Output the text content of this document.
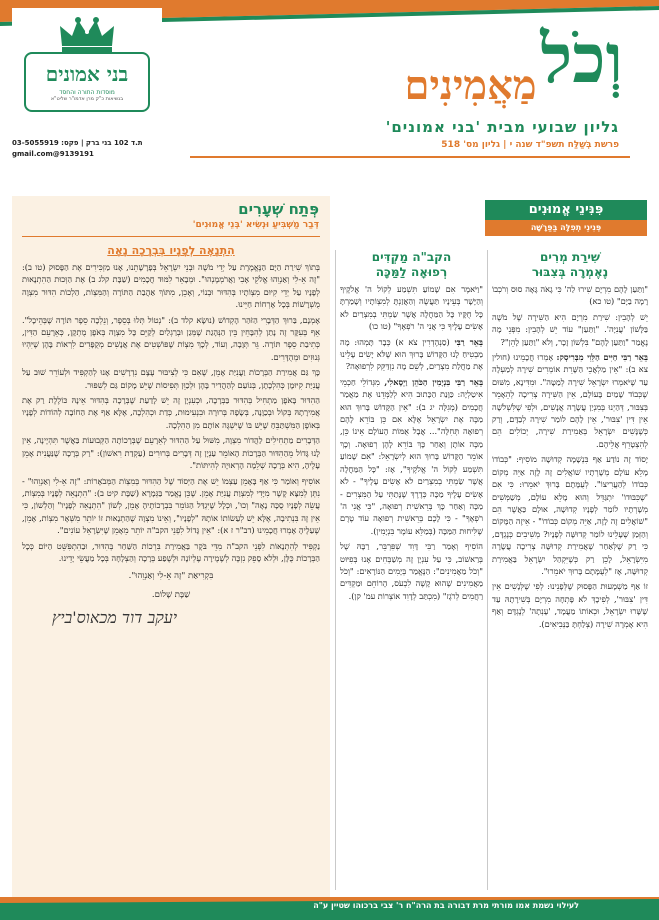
בני אמונים
מוסדות התורה והחסד
בנשיאות כ"ק מרן אדמו"ר שליט"א
ת.ד 102 בני ברק | פקס: 03-5055919
9139191@gmail.com
וְכֹלמַאֲמִינִים
גליון שבועי מבית 'בני אמונים'
פרשת בְּשַׁלַּח תשפ"ד שנה י | גליון מס' 518
פְּתַח שְׁעָרִים
דְּבַר מַשְׁבִּיעַ וּנְשִׂיא 'בְּנֵי אֱמוּנִים'
הִתְנָאֶה לְפָנָיו בְּבְרָכָה נָאָה

בְּתוֹךְ שִׁירַת הַיָּם הַנֶּאֱמֶרֶת עַל יְדֵי מֹשֶׁה וּבְנֵי יִשְׂרָאֵל בְּפָרָשָׁתֵנוּ, אָנוּ מַזְכִּירִים אֶת הַפָּסוּק (טו ב): "זֶה אֵ-לִי וְאַנְוֵהוּ אֱלֹקֵי אָבִי וַאֲרֹמְמֶנְהוּ". וּמְבָאֵר לִמּוּד חֲכָמִים (שַׁבָּת קלג ב) אֶת הַוְּכוּת הַהִתְנָאוּת לְפָנָיו עַל יְדֵי קִיּוּם מִצְוֹתָיו בְּהִדּוּר וּבְנוֹי, וְאָכֵן, מִתּוֹךְ אַהֲבַת הַתּוֹרָה וְהַמִּצְוֹת, הַלְכוֹת הִדּוּר מִצְוָה מֻשְׁרָשׁוֹת בְּכָל אָרְחוֹת חַיֵּינוּ.

אָמְנָם, בַּרוּךְ הַדְּבָרִי הַזֹּהַר הָקְדוֹשׁ (נוּשָׂא קלד ב): "נְטוֹל תְּלוּ בְּסֵפֶר, וְנֵלְכָה סֵפֶר תּוֹרָה שֶׁבְּהֵיכָל". אֵף בְּעִקָּר זֶה נָתַן לְהִבָּחֵין בֵּין הַנְּהָגַת שֶׁמְּגַן וּבְרַגְלַיִם לְקַיֵּם כָּל מִצְוָה בְּאֹפֶן מֻתְקָן, כְּאֵרָעֵם הַדִּין, כְּתִיבַת סֵפֶר תּוֹרָה. גֵּר תְּוָבָה, וְעוֹד, לְכָךְ מִצְוֹת שֶׁפּוֹשְׁטִים אֶת אֲנָשִׁים מְקֻפָּדִים לִרְאוֹת בָּהֶן שֶׁיִּהְיוּ גְּנוּזִים וּמְהֻדָּרִים.

כָּךְ גַּם אֲמִירַת הַבְּרָכוֹת וַעֲנִיַּת אָמֵן, שֶׁאִם כִּי לְצִיבּוּר עֶצֶם נִדְרָשִׁים אָנוּ לְהַקְפִּיד וּלְעוֹרֵר שׁוּב עַל עֲנִיַּת קִיּוּמָן כְּהִלְכָתָן, בְּנוֹעַם לְהַהֲדִיר בָּהֶן וּלְכַוֵּן תְּפִיסוֹת שֶׁיֵּשׁ מָקוֹם גַּם לְשִׁפּוּר.

הַהִדּוּר בָּאֹפֶן מַתְחִיל בְּהִדּוּר בַּבְּרָכָה, וּכְעִנְיָן זֶה יֵשׁ לָדַעַת שֶׁבְּרָכָה בְּהִדּוּר אֵינָהּ כּוֹלֶלֶת רַק אֶת אֲמִירָתָהּ בְּקוֹל וּבְכַוָּנָה, בְּשָׂפָה בְּרוּרָה וּבִנְעִימוּת, כְּדַת וּכְהִלְכָה, אֶלָּא אַף אֶת הַחוֹבָה לְהוֹדוֹת לְפָנָיו בְּאוֹפֶן הַמִּשְׁתַּבֵּחַ שֶׁיֵּשׁ בּוֹ שֶׁיִּשְׁגֶּה אוֹתָם מִן הַהִלְכָה.

הַדְּבָרִים מַתְחִילִים לַהֲדוֹר מִצְוָה, מִשּׁוּל עַל הַהִדּוּר לְאֵרָעֵם שֶׁבְּרָכוֹתָה הַקְּבוּעוֹת בַּאֲשֶׁר תִּהְיֶינָה, אֵין לָנוּ גָּדוֹל מֵהַהִדּוּר הַבְּרָכוֹת הָאוֹמֵר עַנְיָן זֶה דְּבָרִים בְּרוּרִים (עַקְדַת רִאשׁוֹן): "רַק בְּרָכָה שֶׁנַּעֲנִית אָמֵן עָלֶיהָ, הִיא בְּרָכָה שְׁלֵמָה הָרְאוּיָה לְהִיתּוֹת".

אוֹסִיף וְאוֹמַר כִּי אַף בָּאָמֵן עַצְמוֹ יֵשׁ אֶת הַיְּסוֹד שֶׁל הַהִדּוּר בְּמִצְוֹת הַמְּבֹאָרוֹת: "זֶה אֵ-לִי וְאַנְוֵהוּ" - נִתְּן לְמִצָּא קֶשֶׁר מִיָּדִי לְמִצְוַת עֲנִיַּת אָמֵן. שֶׁכֵּן נֶאֱמַר בַּגְּמָרָא (שַׁבָּת קיט ב): "הִתְנָאֵה לְפָנָיו בְּמִצְוֹת, עֲשֵׂה לְפָנָיו סֻכָּה נָאָה" וְכוּ', וּכְלָל שֶׁיִּגְדַּל הַגּוֹמֵר בִּבְרָכוֹתֶיהָ אָמֵן, לְשׁוֹן "הִתְנָאֵה לְפָנָיו" וְהַלְשׁוֹן, כִּי אֵין זֶה בִּנְתִיבָה, אֶלָּא יֵשׁ לְעַשׂוֹתוֹ אוֹתָהּ "לְפָנָיו", וְאֵינוֹ מִצְוָה שֶׁהַתְנָאוּת זוֹ יוֹתֵר מִשְּׁאָר מִצְוֹת, אָמֵן, שֶׁעַלֶיהָ אָמְרוּ חֲכָמֵינוּ (דב"ר ז א): "אֵין גָּדוֹל לִפְנֵי הקב"ה יוֹתֵר מֵאָמֵן שֶׁיִּשְׂרָאֵל עוֹנִים".

נַקְפִּיד לְהִתְנָאוֹת לִפְנֵי הקב"ה מִדֵּי בֹּקֶר בַּאֲמִירַת בִּרְכוֹת הַשַּׁחַר בְּהִדּוּר, וּבַהִתְפִּשֵּׁט הַיּוֹם כְּכָל הַבְּרָכוֹת כֻּלָּן, וּלְלֹא סָפֵק נִזְכֶּה לְשֶׁמֶירָה עֶלְיוֹנָה וּלְשֶׁפַע בְּרָכָה וְהַצְלָחָה בְּכָל מַעֲשֵׂי יָדֵינוּ.

בִּקְרִיאַת "זֶה אֵ-לִי וְאַנְוֵהוּ".
שַׁבָּת שָׁלוֹם.
יעקב דוד מכאוס'ביץ
פִּנִּינֵי אֱמוּנִים
פְּנִינֵי תְפִלָּה בַּפַּרָשָׁה
שִׁירַת מְרִים
נֶאֶמְרָה בְּצִבּוּר

"וַתַּעַן לָהֶם מִרְיָם שִׁירוּ לַה' כִּי גָאֹה גָּאָה סוּס וְרֹכְבוֹ רָמָה בַיָּם" (טו כא)

יֵשׁ לְהָבִין: שִׁירַת מִרְיָם הִיא הַשִּׁירָה שֶׁל מֹשֶׁה בַּלָּשׁוֹן 'עֲנִיָּה'. "וַתַּעַן" עוֹד יֵשׁ לְהָבִין: מִפְּנֵי מָה נֶאֱמַר "וַתַּעַן לָהֶם" בִּלְשׁוֹן זָכָר, וְלֹא "וַתַּעַן לָהֵן"?

בֵּאֵר רַבִּי חַיִּים הַלֵּוִי מִבְּרִיסְק: אָמְרוּ חֲכָמֵינוּ (חולין צא ב): "אֵין מַלְאֲכֵי הַשָּׁרֵת אוֹמְרִים שִׁירָה לְמַעְלָה עַד שֶׁיֹּאמְרוּ יִשְׂרָאֵל שִׁירָה לְמַטָּה". וּמִדִּינָא, מִשּׁוּם שֶׁכְּבוֹד שָׁמַיִם בָּעוֹלָם, אֵין הַשִּׁירָה צְרִיכָה לְהֵאָמֵר בְּצִבּוּר, דְּהַיְנוּ בְּמִנְיַן עֲשָׂרָה אֲנָשִׁים, וּלְפִי שֶׁלִּשְׁלֹשָׁה אֵין דִּין 'צִבּוּר', אֵין לָהֶם לוֹמַר שִׁירָה לְבַדָּם, וְרַק כְּשֶׁנָּשִׁים יִשְׂרָאֵל בְּאַמִירַת שִׁירָה, יְכוֹלִים הֵם לְהִצְטָרֵף אֲלֵיהֶם.

יָסוֹד זֶה נוֹדַע אַף בִּנְשָׁמָה קְדוּשָׁה מוֹסִיף: "כְּבוֹדוֹ מָלֵא עוֹלָם מְשָׁרְתָיו שׁוֹאֲלִים זֶה לָזֶה אַיֵּה מְקוֹם כְּבוֹדוֹ לְהַעֲרִיצוֹ". לְעֻמָּתָם בָּרוּךְ יֹאמֵרוּ: כִּי אִם 'שֶׁכִּבּוּדוֹ' יִתְגַּדֵּל וְהוּא מָלֵא עוֹלָם, מְשַׁמְּשִׁים מְשָׁרְתָיו לוֹמַר לְפָנָיו קְדוּשָׁה, אוּלָם כַּאֲשֶׁר הֵם "שׁוֹאֲלִים זֶה לָזֶה, אַיֵּה מְקוֹם כְּבוֹדוֹ" - אֵיזֶה הַמָּקוֹם וְהַזְּמַן שֶׁעָלֵינוּ לוֹמַר קְדוּשָּׁה לְפָנָיו? מְשִׁיבִים כְּנֶגְדָּם, כִּי רַק שֶׁלְּאַחַר שֶׁאֲמִירַת קְדוּשָּׁה צְרִיכָה עֲשָׂרָה מִיִּשְׂרָאֵל, לָכֵן רַק כְּשֶׁיִּקְהַל יִשְׂרָאֵל בַּאֲמִירַת קְדוּשָּׁה, אָז "לְעֻמָּתָם בָּרוּךְ יֹאמֵרוּ".

זוֹ אַף מַשְׁמָעוּת הַפָּסוּק שֶׁלְּפָנֵינוּ: לְפִי שֶׁלְּנָשִׁים אֵין דִּין 'צִבּוּר', לְפִיכָךְ לֹא פָּתְחָה מִרְיָם בְּשִׁירָתָהּ עַד שֶׁשָּׁרוּ יִשְׂרָאֵל, וּכְאוֹתוֹ מַעֲמָד, 'עָנְתָה' לְנֶגְדָּם וְאַף הִיא אָמְרָה שִׁירָה (צְלַחְתָּ בַּנְּבִיאִים).

הקב"ה מַקְדִּים
רְפוּאָה לַמַּכָּה

"וַיֹּאמֶר אִם שָׁמוֹעַ תִּשְׁמַע לְקוֹל ה' אֱלֹקֶיךָ וְהַיָּשָׁר בְּעֵינָיו תַּעֲשֶׂה וְהַאֲזַנְתָּ לְמִצְוֹתָיו וְשָׁמַרְתָּ כָּל חֻקָּיו כָּל הַמַּחֲלָה אֲשֶׁר שַׂמְתִּי בְמִצְרַיִם לֹא אָשִׂים עָלֶיךָ כִּי אֲנִי ה' רֹפְאֶךָ" (טו כו)

בֵּאֵר רַבִּי (סַנְהֶדְרִין צֹא א) כְּבָר תָּמְהוּ: מָה מַבְטִיחַ לָנוּ הַקָּדוֹשׁ בָּרוּךְ הוּא שֶׁלֹּא יָשִׂים עָלֵינוּ אֶת מַחֲלַת מִצְרַיִם, לְשֵׁם מָה נִזְדַּקֵּק לִרְפוּאָה?

בֵּאֵר רַבִּי בִּנְיָמִין הַכֹּהֵן וַיְסָאלִי, מִגְּדוֹלֵי חַכְמֵי אִיטַלְיָה: כַּוָּנַת הַכָּתוּב הִיא לְלַמְּדֵנוּ אֶת מַאֲמַר חֲכָמִים (מְגִלָּה יג ב): "אֵין הַקָּדוֹשׁ בָּרוּךְ הוּא מַכֶּה אֶת יִשְׂרָאֵל אֶלָּא אִם כֵּן בּוֹרֵא לָהֶם רְפוּאָה תְּחִלָּה"... אֲבָל אֻמּוֹת הָעוֹלָם אֵינוֹ כֵּן, מַכֶּה אוֹתָן וְאַחַר כָּךְ בּוֹרֵא לָהֶן רְפוּאָה. וְכָךְ אוֹמֵר הַקָּדוֹשׁ בָּרוּךְ הוּא לְיִשְׂרָאֵל: "אִם שָׁמוֹעַ תִּשְׁמַע לְקוֹל ה' אֱלֹקֶיךָ", אָז: "כָּל הַמַּחֲלָה אֲשֶׁר שַׂמְתִּי בְמִצְרַיִם לֹא אָשִׂים עָלֶיךָ" - לֹא אָשִׂים עָלֶיךָ מַכָּה כְּדֶרֶךְ שֶׁנָּתַתִּי עַל הַמִּצְרִים - מַכָּה וְאַחַר כָּךְ בְּרֵאשִׁית רְפוּאָה, "כִּי אֲנִי ה' רֹפְאֶךָ" - כִּי לָכֶם בְּרֵאשִׁית רְפוּאָה עוֹד טֶרֶם שֶׁלִּיחוּת הַמַּכָּה (בְּמַלֵּא עוֹמֶר בִּנְיָמִין).

הוֹסִיף וְאָמַר רַבִּי דָּוִד שְׁפִּרְבֵּר, רַבָּהּ שֶׁל בְּרַאשׁוֹב, כִּי עַל עִנְיָן זֶה מְשַׁבְּחִים אָנוּ בְּפִיּוּט "וְכֹל מַאֲמִינִים": הַנֶּאֱמַר בְּיָמִים הַנּוֹרָאִים: "וְכֹל מַאֲמִינִים שֶׁהוּא קָשֶׁה לִכְעֹס, הָרוֹחֵם וּמַקְדִּים רַחֲמִים לְרֹגֶז" (מִכְתַּב לְדָוִד אוֹצְרוֹת עמ' קן).

לעילוי נשמת אמו מורתי מרת דבורה בת הרה"ח ר' צבי ברכוהו שטיין ע"ה
